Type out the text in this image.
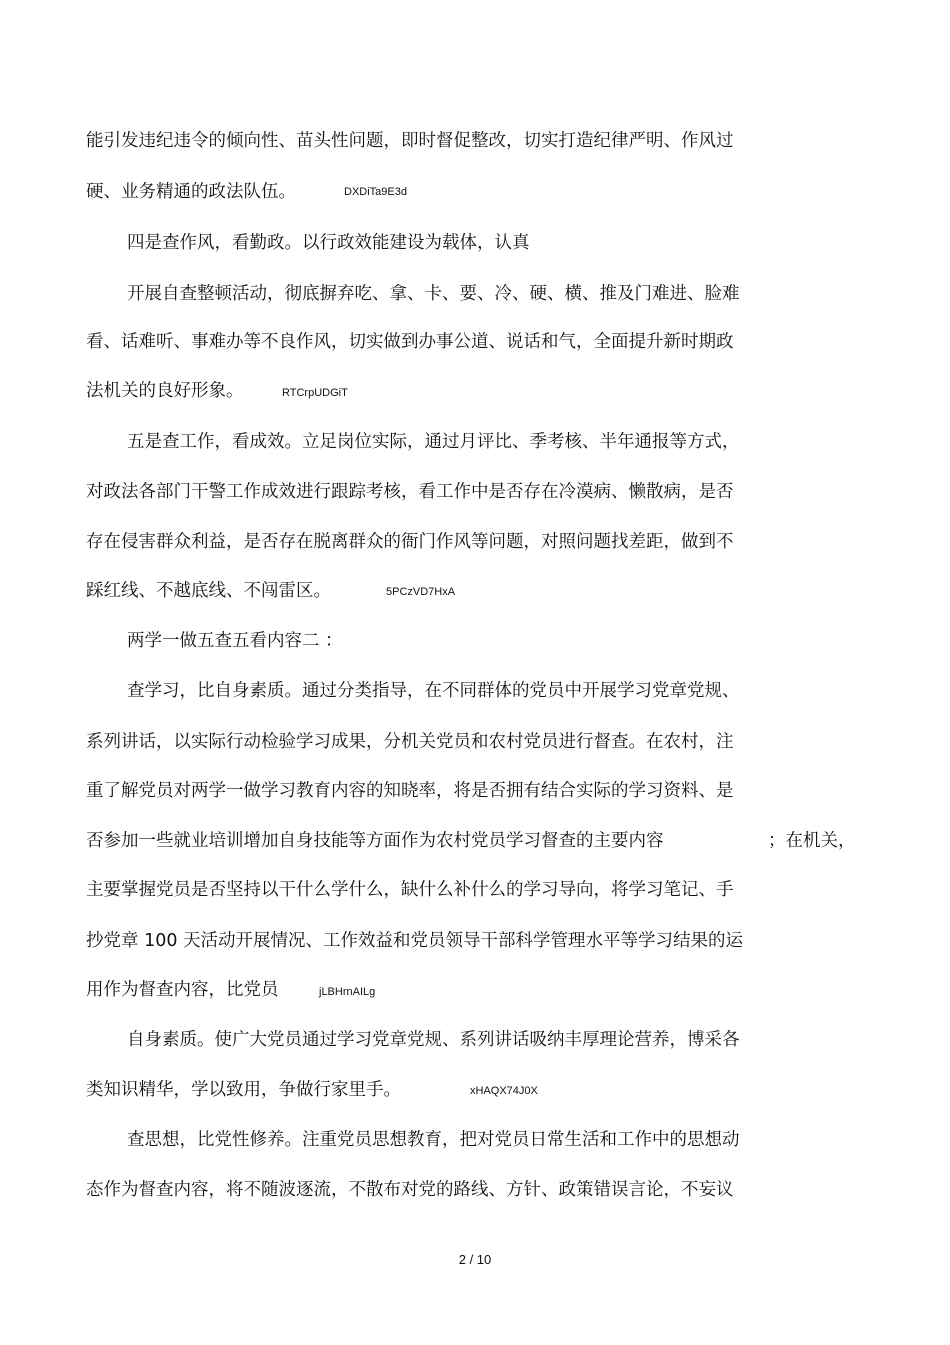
能引发违纪违令的倾向性、苗头性问题，即时督促整改，切实打造纪律严明、作风过
硬、业务精通的政法队伍。	DXDiTa9E3d
四是查作风，看勤政。以行政效能建设为载体，认真
开展自查整顿活动，彻底摒弃吃、拿、卡、要、冷、硬、横、推及门难进、脸难
看、话难听、事难办等不良作风，切实做到办事公道、说话和气，全面提升新时期政
法机关的良好形象。	RTCrpUDGiT
五是查工作，看成效。立足岗位实际，通过月评比、季考核、半年通报等方式，
对政法各部门干警工作成效进行跟踪考核，看工作中是否存在冷漠病、懒散病，是否
存在侵害群众利益，是否存在脱离群众的衙门作风等问题，对照问题找差距，做到不
踩红线、不越底线、不闯雷区。	5PCzVD7HxA
两学一做五查五看内容二 ：
查学习，比自身素质。通过分类指导，在不同群体的党员中开展学习党章党规、
系列讲话，以实际行动检验学习成果，分机关党员和农村党员进行督查。在农村，注
重了解党员对两学一做学习教育内容的知晓率，将是否拥有结合实际的学习资料、是
否参加一些就业培训增加自身技能等方面作为农村党员学习督查的主要内容	；在机关，
主要掌握党员是否坚持以干什么学什么，缺什么补什么的学习导向，将学习笔记、手
抄党章 100 天活动开展情况、工作效益和党员领导干部科学管理水平等学习结果的运
用作为督查内容，比党员	jLBHrnAILg
自身素质。使广大党员通过学习党章党规、系列讲话吸纳丰厚理论营养，博采各
类知识精华，学以致用，争做行家里手。	xHAQX74J0X
查思想，比党性修养。注重党员思想教育，把对党员日常生活和工作中的思想动
态作为督查内容，将不随波逐流，不散布对党的路线、方针、政策错误言论，不妄议
2 / 10
